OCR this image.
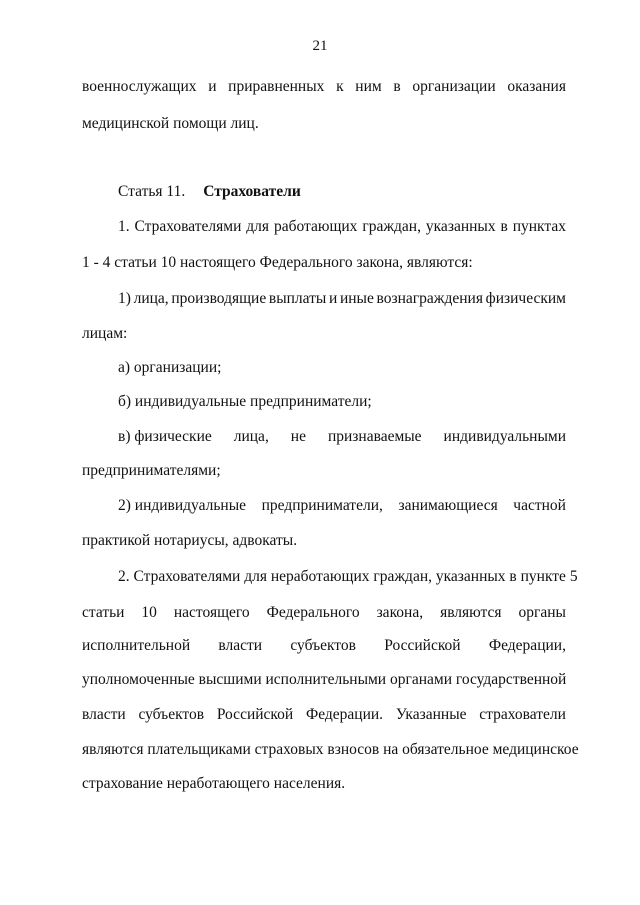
21
военнослужащих и приравненных к ним в организации оказания
медицинской помощи лиц.
Статья 11. Страхователи
1. Страхователями для работающих граждан, указанных в пунктах
1 - 4 статьи 10 настоящего Федерального закона, являются:
1) лица, производящие выплаты и иные вознаграждения физическим
лицам:
а) организации;
б) индивидуальные предприниматели;
в) физические лица, не признаваемые индивидуальными
предпринимателями;
2) индивидуальные предприниматели, занимающиеся частной
практикой нотариусы, адвокаты.
2. Страхователями для неработающих граждан, указанных в пункте 5
статьи 10 настоящего Федерального закона, являются органы
исполнительной власти субъектов Российской Федерации,
уполномоченные высшими исполнительными органами государственной
власти субъектов Российской Федерации. Указанные страхователи
являются плательщиками страховых взносов на обязательное медицинское
страхование неработающего населения.
